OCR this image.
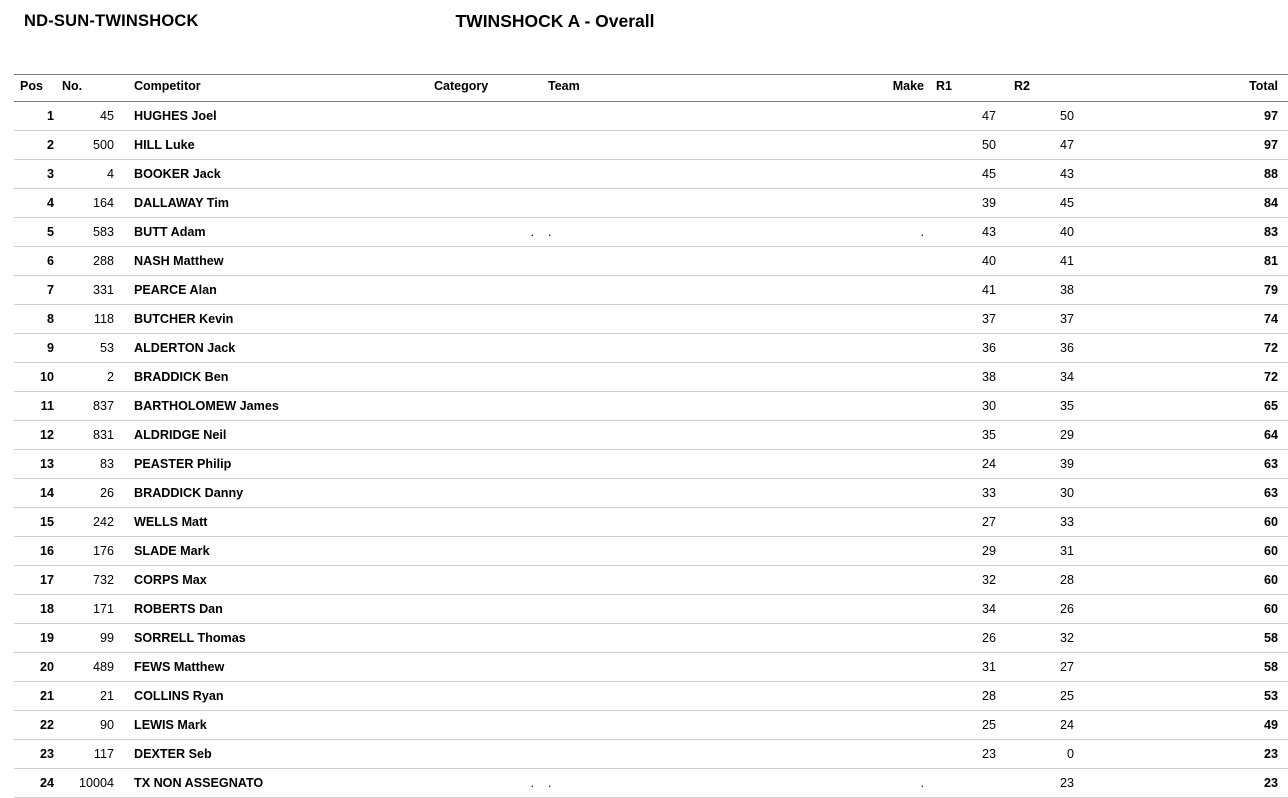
ND-SUN-TWINSHOCK	TWINSHOCK A - Overall
Pos	No.	Competitor	Category	Team	Make	R1	R2	Total
1	45	HUGHES Joel				47	50	97
2	500	HILL Luke				50	47	97
3	4	BOOKER Jack				45	43	88
4	164	DALLAWAY Tim				39	45	84
5	583	BUTT Adam	.	.	.	43	40	83
6	288	NASH Matthew				40	41	81
7	331	PEARCE Alan				41	38	79
8	118	BUTCHER Kevin				37	37	74
9	53	ALDERTON Jack				36	36	72
10	2	BRADDICK Ben				38	34	72
11	837	BARTHOLOMEW James				30	35	65
12	831	ALDRIDGE Neil				35	29	64
13	83	PEASTER Philip				24	39	63
14	26	BRADDICK Danny				33	30	63
15	242	WELLS Matt				27	33	60
16	176	SLADE Mark				29	31	60
17	732	CORPS Max				32	28	60
18	171	ROBERTS Dan				34	26	60
19	99	SORRELL Thomas				26	32	58
20	489	FEWS Matthew				31	27	58
21	21	COLLINS Ryan				28	25	53
22	90	LEWIS Mark				25	24	49
23	117	DEXTER Seb				23	0	23
24	10004	TX NON ASSEGNATO	.	.	.		23	23
